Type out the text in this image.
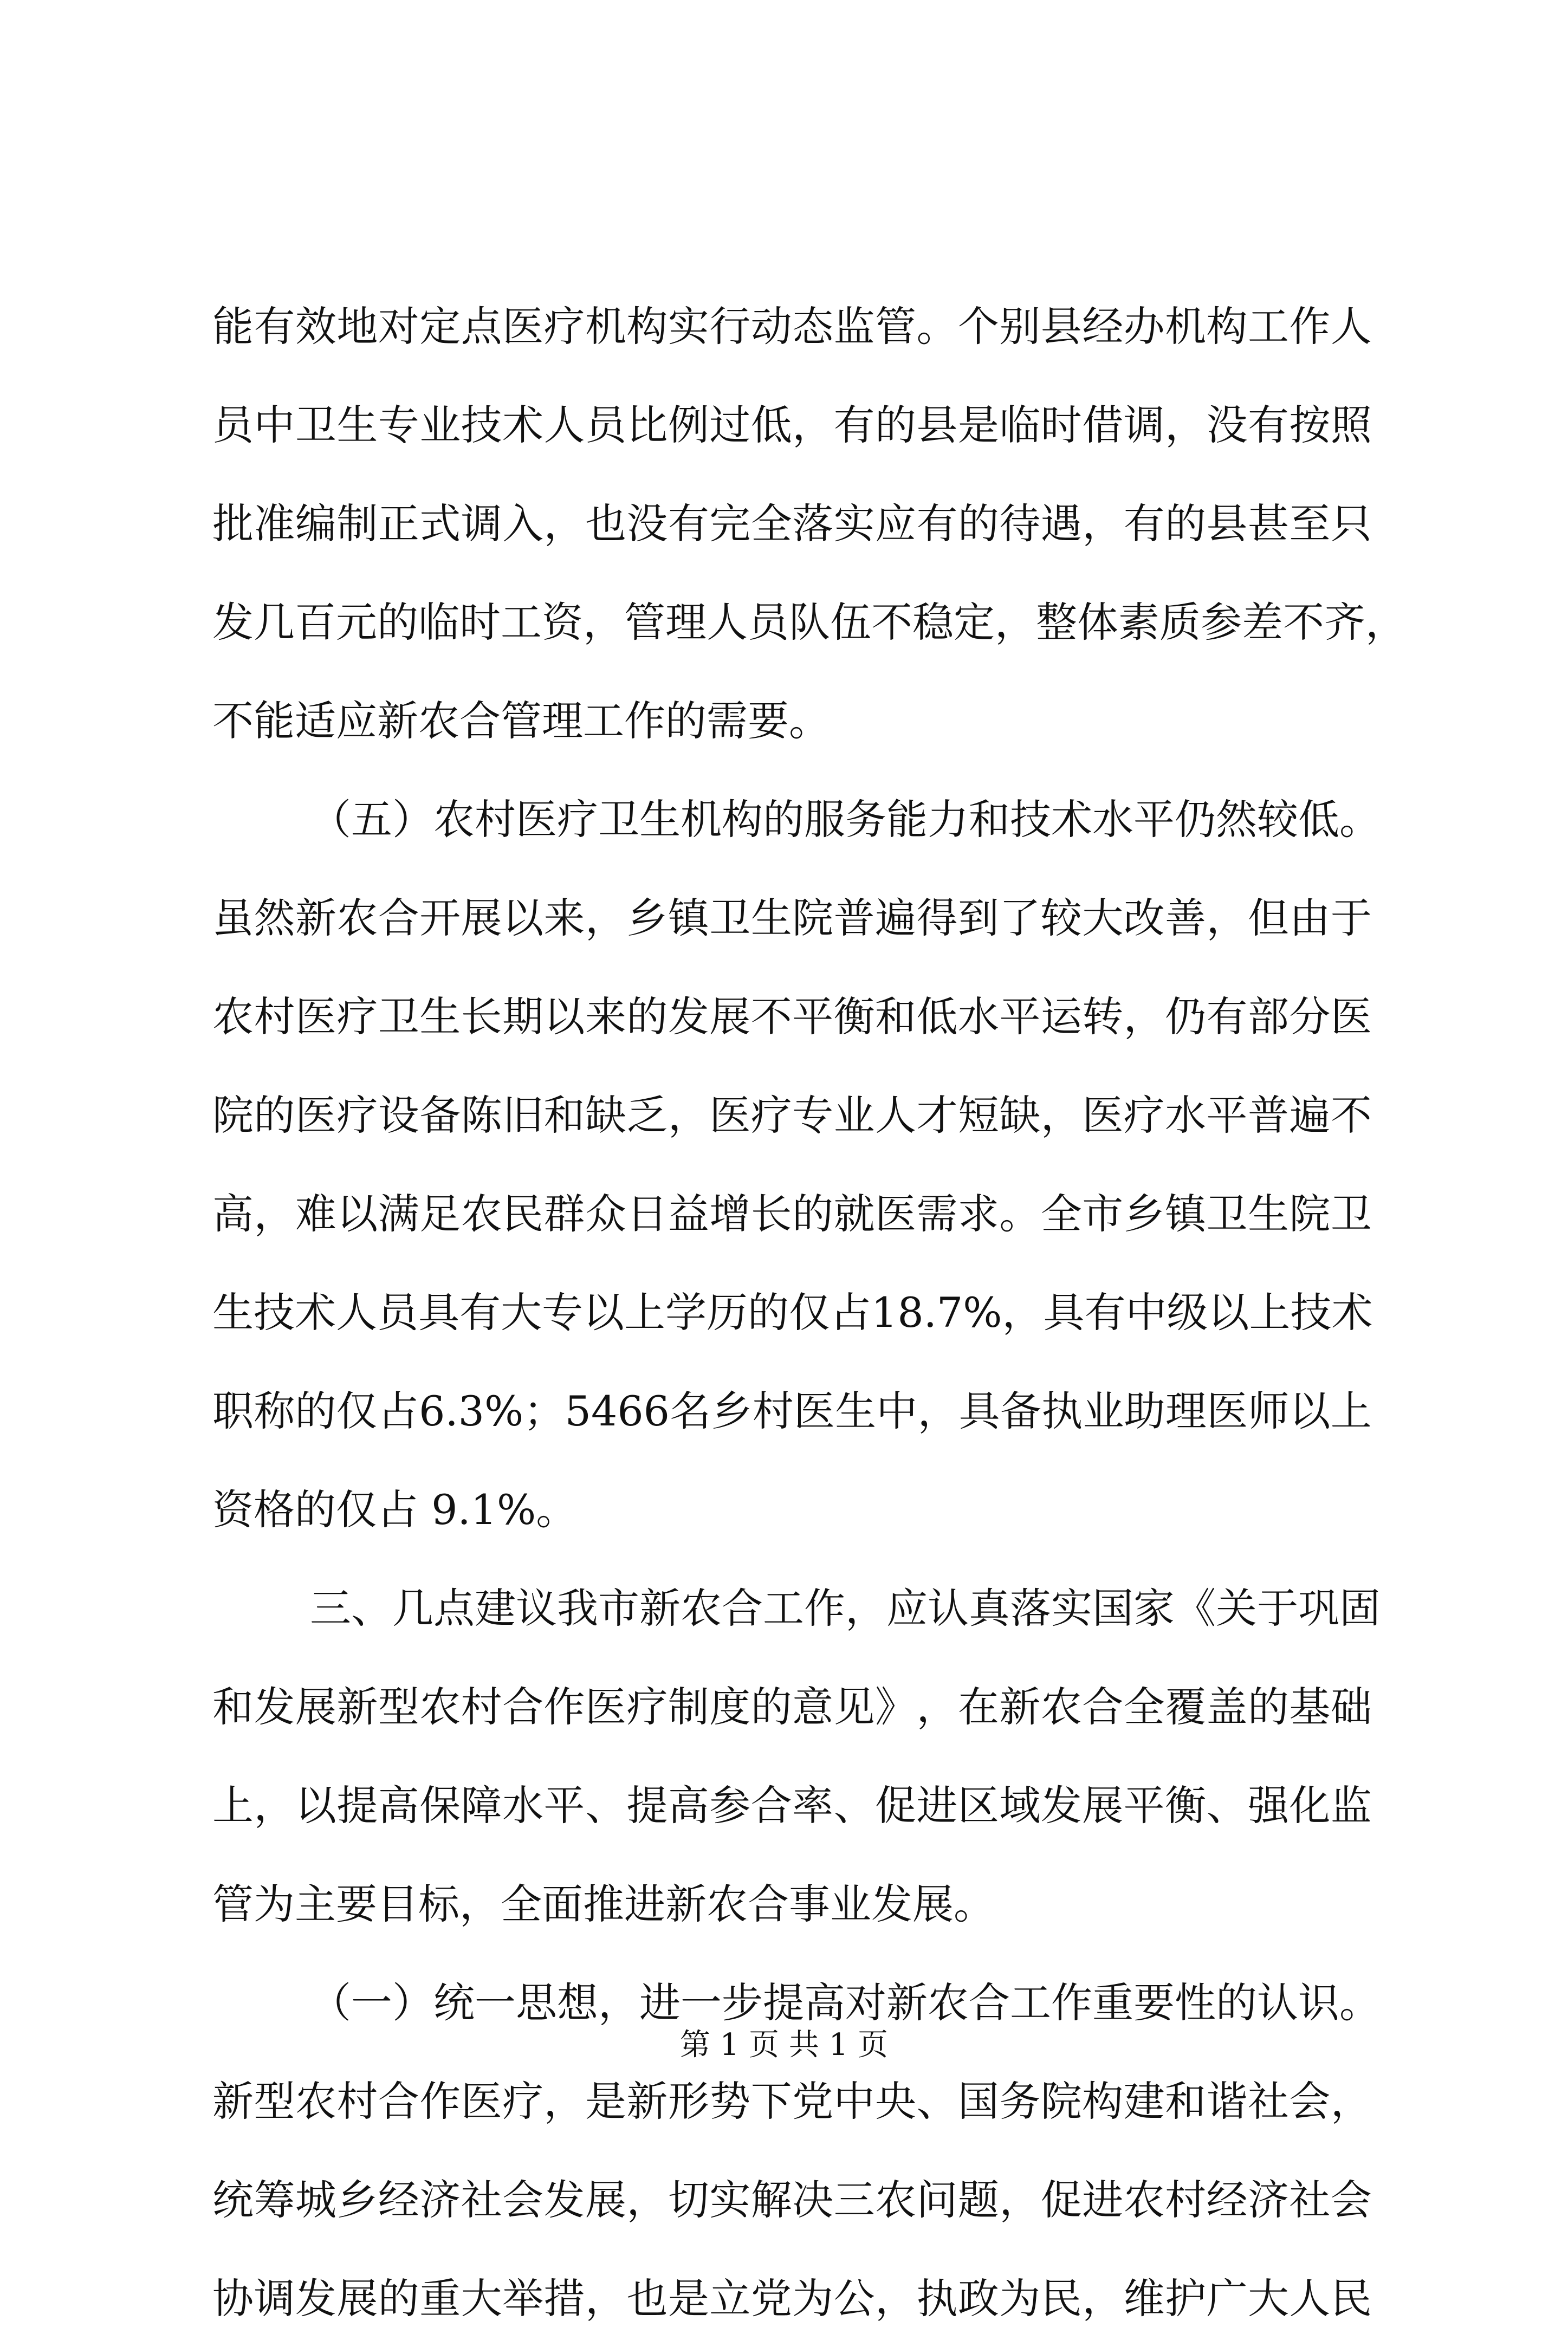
能 有 效 地 对 定 点 医 疗 机 构 实 行 动 态 监 管 。 个 别 县 经 办 机 构 工 作 人
员 中 卫 生 专 业 技 术 人 员 比 例 过 低 ， 有 的 县 是 临 时 借 调 ， 没 有 按 照
批 准 编 制 正 式 调 入 ， 也 没 有 完 全 落 实 应 有 的 待 遇 ， 有 的 县 甚 至 只
发 几 百 元 的 临 时 工 资 ， 管 理 人 员 队 伍 不 稳 定 ， 整 体 素 质 参 差 不 齐 ，
不能适应新农合管理工作的需要。
（ 五 ） 农 村 医 疗 卫 生 机 构 的 服 务 能 力 和 技 术 水 平 仍 然 较 低 。
虽 然 新 农 合 开 展 以 来 ， 乡 镇 卫 生 院 普 遍 得 到 了 较 大 改 善 ， 但 由 于
农 村 医 疗 卫 生 长 期 以 来 的 发 展 不 平 衡 和 低 水 平 运 转 ， 仍 有 部 分 医
院 的 医 疗 设 备 陈 旧 和 缺 乏 ， 医 疗 专 业 人 才 短 缺 ， 医 疗 水 平 普 遍 不
高 ， 难 以 满 足 农 民 群 众 日 益 增 长 的 就 医 需 求 。 全 市 乡 镇 卫 生 院 卫
生 技 术 人 员 具 有 大 专 以 上 学 历 的 仅 占 18.7% ， 具 有 中 级 以 上 技 术
职 称 的 仅 占 6.3% ； 5466 名 乡 村 医 生 中 ， 具 备 执 业 助 理 医 师 以 上
资格的仅占 9.1%。
三 、 几 点 建 议 我 市 新 农 合 工 作 ， 应 认 真 落 实 国 家 《 关 于 巩 固
和 发 展 新 型 农 村 合 作 医 疗 制 度 的 意 见 》 ， 在 新 农 合 全 覆 盖 的 基 础
上 ， 以 提 高 保 障 水 平 、 提 高 参 合 率 、 促 进 区 域 发 展 平 衡 、 强 化 监
管为主要目标，全面推进新农合事业发展。
（ 一 ） 统 一 思 想 ， 进 一 步 提 高 对 新 农 合 工 作 重 要 性 的 认 识 。
新 型 农 村 合 作 医 疗 ， 是 新 形 势 下 党 中 央 、 国 务 院 构 建 和 谐 社 会 ，
统 筹 城 乡 经 济 社 会 发 展 ， 切 实 解 决 三 农 问 题 ， 促 进 农 村 经 济 社 会
协 调 发 展 的 重 大 举 措 ， 也 是 立 党 为 公 ， 执 政 为 民 ， 维 护 广 大 人 民
第 1 页 共 1 页
